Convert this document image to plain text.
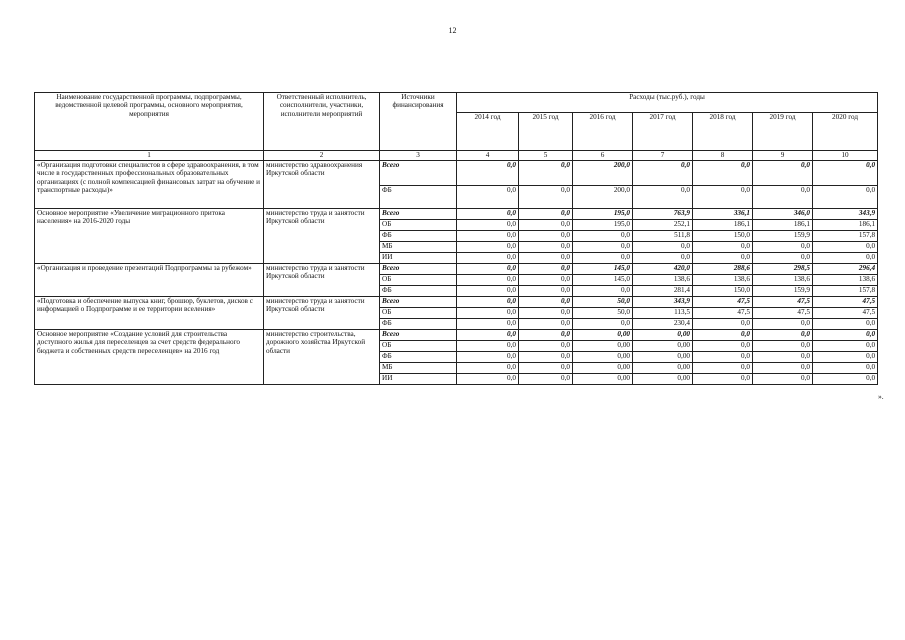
12
Наименование государственной программы, подпрограммы, ведомственной целевой программы, основного мероприятия, мероприятия	Ответственный исполнитель, соисполнители, участники, исполнители мероприятий	Источники финансирования	Расходы (тыс.руб.), годы						
			2014 год	2015 год	2016 год	2017 год	2018 год	2019 год	2020 год
1	2	3	4	5	6	7	8	9	10
«Организация подготовки специалистов в сфере здравоохранения, в том числе в государственных профессиональных образовательных организациях (с полной компенсацией финансовых затрат на обучение и транспортные расходы)»	министерство здравоохранения Иркутской области	Всего	0,0	0,0	200,0	0,0	0,0	0,0	0,0
		ФБ	0,0	0,0	200,0	0,0	0,0	0,0	0,0
Основное мероприятие «Увеличение миграционного притока населения» на 2016-2020 годы	министерство труда и занятости Иркутской области	Всего	0,0	0,0	195,0	763,9	336,1	346,0	343,9
		ОБ	0,0	0,0	195,0	252,1	186,1	186,1	186,1
		ФБ	0,0	0,0	0,0	511,8	150,0	159,9	157,8
		МБ	0,0	0,0	0,0	0,0	0,0	0,0	0,0
		ИИ	0,0	0,0	0,0	0,0	0,0	0,0	0,0
«Организация и проведение презентаций Подпрограммы за рубежом»	министерство труда и занятости Иркутской области	Всего	0,0	0,0	145,0	420,0	288,6	298,5	296,4
		ОБ	0,0	0,0	145,0	138,6	138,6	138,6	138,6
		ФБ	0,0	0,0	0,0	281,4	150,0	159,9	157,8
«Подготовка и обеспечение выпуска книг, брошюр, буклетов, дисков с информацией о Подпрограмме и ее территории вселения»	министерство труда и занятости Иркутской области	Всего	0,0	0,0	50,0	343,9	47,5	47,5	47,5
		ОБ	0,0	0,0	50,0	113,5	47,5	47,5	47,5
		ФБ	0,0	0,0	0,0	230,4	0,0	0,0	0,0
Основное мероприятие «Создание условий для строительства доступного жилья для переселенцев за счет средств федерального бюджета и собственных средств переселенцев» на 2016 год	министерство строительства, дорожного хозяйства Иркутской области	Всего	0,0	0,0	0,00	0,00	0,0	0,0	0,0
		ОБ	0,0	0,0	0,00	0,00	0,0	0,0	0,0
		ФБ	0,0	0,0	0,00	0,00	0,0	0,0	0,0
		МБ	0,0	0,0	0,00	0,00	0,0	0,0	0,0
		ИИ	0,0	0,0	0,00	0,00	0,0	0,0	0,0
».
